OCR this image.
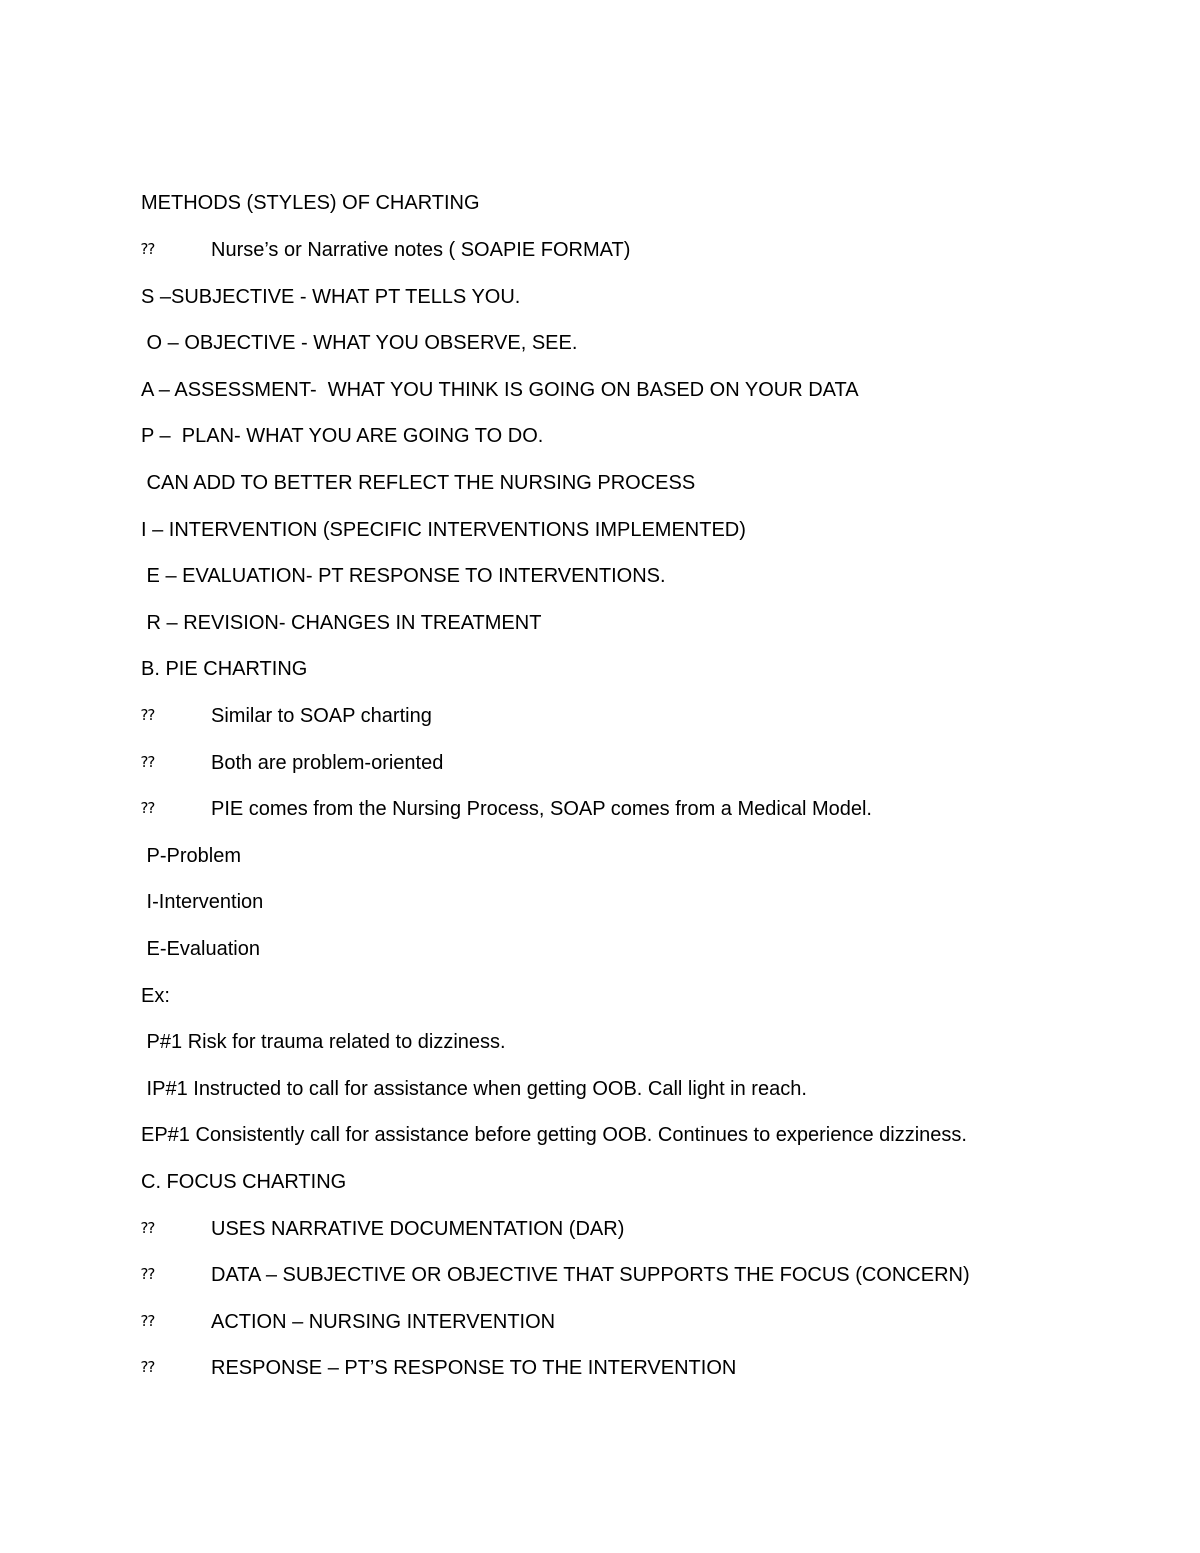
METHODS (STYLES) OF CHARTING
⁇	Nurse’s or Narrative notes ( SOAPIE FORMAT)
S –SUBJECTIVE - WHAT PT TELLS YOU.
O – OBJECTIVE - WHAT YOU OBSERVE, SEE.
A – ASSESSMENT-  WHAT YOU THINK IS GOING ON BASED ON YOUR DATA
P –  PLAN- WHAT YOU ARE GOING TO DO.
CAN ADD TO BETTER REFLECT THE NURSING PROCESS
I – INTERVENTION (SPECIFIC INTERVENTIONS IMPLEMENTED)
E – EVALUATION- PT RESPONSE TO INTERVENTIONS.
R – REVISION- CHANGES IN TREATMENT
B. PIE CHARTING
⁇	Similar to SOAP charting
⁇	Both are problem-oriented
⁇	PIE comes from the Nursing Process, SOAP comes from a Medical Model.
P-Problem
I-Intervention
E-Evaluation
Ex:
P#1 Risk for trauma related to dizziness.
IP#1 Instructed to call for assistance when getting OOB. Call light in reach.
EP#1 Consistently call for assistance before getting OOB. Continues to experience dizziness.
C. FOCUS CHARTING
⁇	USES NARRATIVE DOCUMENTATION (DAR)
⁇	DATA – SUBJECTIVE OR OBJECTIVE THAT SUPPORTS THE FOCUS (CONCERN)
⁇	ACTION – NURSING INTERVENTION
⁇	RESPONSE – PT’S RESPONSE TO THE INTERVENTION
